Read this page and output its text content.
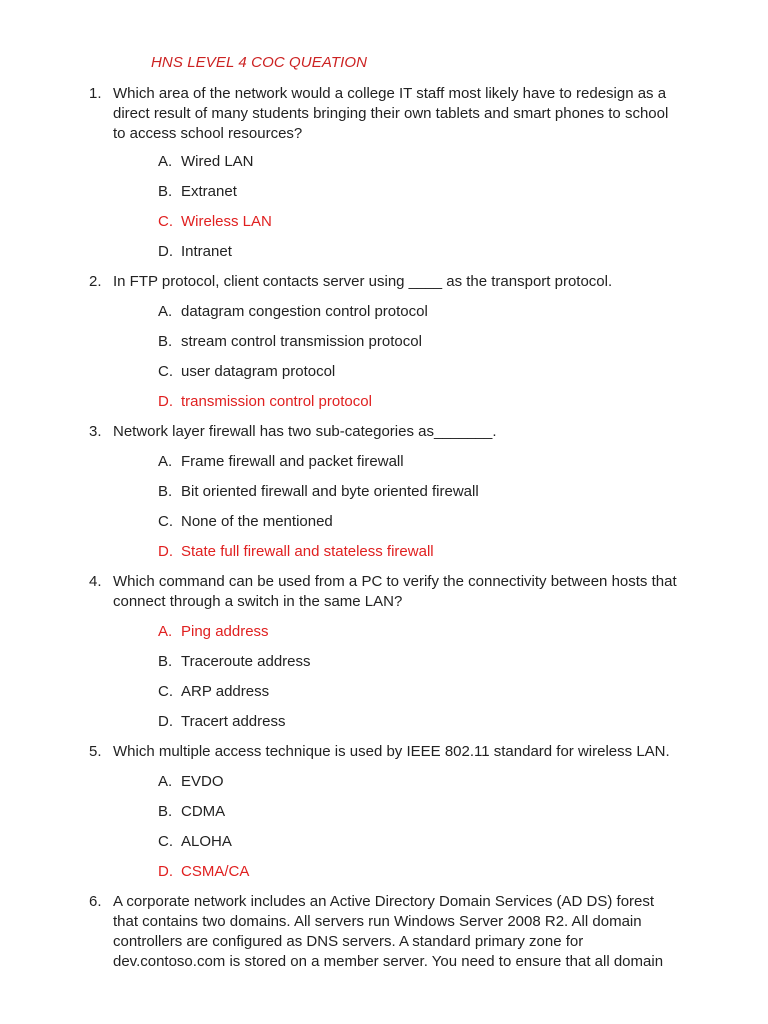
HNS LEVEL 4 COC QUEATION
1. Which area of the network would a college IT staff most likely have to redesign as a direct result of many students bringing their own tablets and smart phones to school to access school resources?
A. Wired LAN
B. Extranet
C. Wireless LAN
D. Intranet
2. In FTP protocol, client contacts server using ____ as the transport protocol.
A. datagram congestion control protocol
B. stream control transmission protocol
C. user datagram protocol
D. transmission control protocol
3. Network layer firewall has two sub-categories as_______.
A. Frame firewall and packet firewall
B. Bit oriented firewall and byte oriented firewall
C. None of the mentioned
D. State full firewall and stateless firewall
4. Which command can be used from a PC to verify the connectivity between hosts that connect through a switch in the same LAN?
A. Ping address
B. Traceroute address
C. ARP address
D. Tracert address
5. Which multiple access technique is used by IEEE 802.11 standard for wireless LAN.
A. EVDO
B. CDMA
C. ALOHA
D. CSMA/CA
6. A corporate network includes an Active Directory Domain Services (AD DS) forest that contains two domains. All servers run Windows Server 2008 R2. All domain controllers are configured as DNS servers. A standard primary zone for dev.contoso.com is stored on a member server. You need to ensure that all domain
